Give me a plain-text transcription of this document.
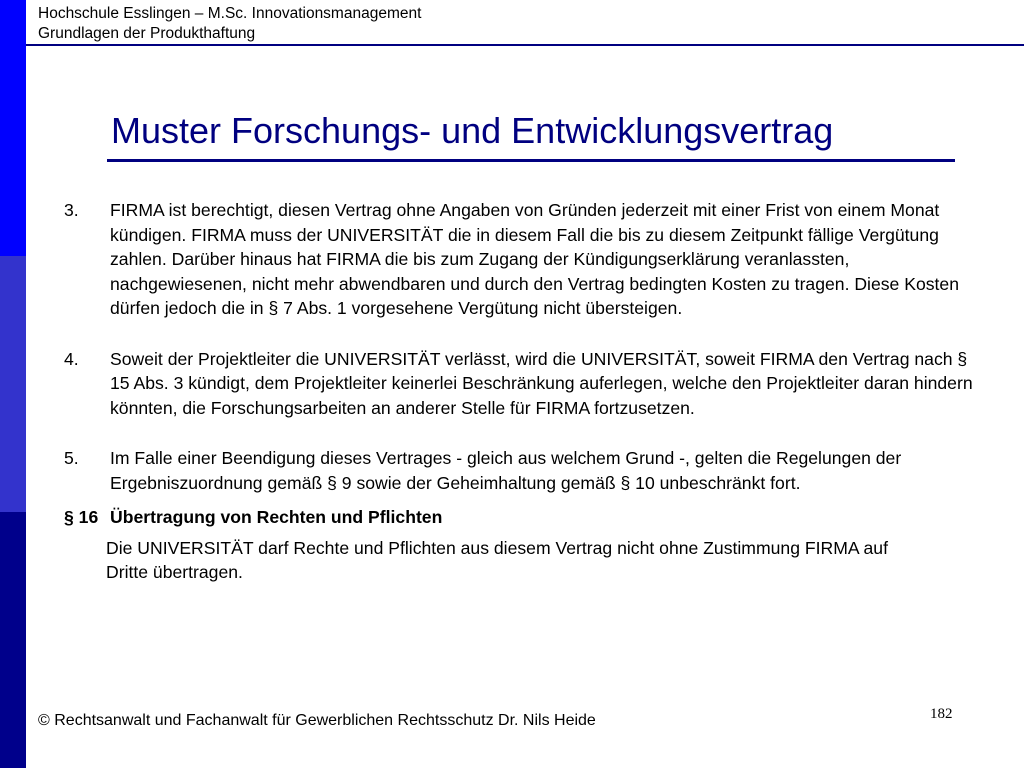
Hochschule Esslingen – M.Sc. Innovationsmanagement
Grundlagen der Produkthaftung
Muster Forschungs- und Entwicklungsvertrag
3.	FIRMA ist berechtigt, diesen Vertrag ohne Angaben von Gründen jederzeit mit einer Frist von einem Monat kündigen. FIRMA muss der UNIVERSITÄT die in diesem Fall die bis zu diesem Zeitpunkt fällige Vergütung zahlen. Darüber hinaus hat FIRMA die bis zum Zugang der Kündigungserklärung veranlassten, nachgewiesenen, nicht mehr abwendbaren und durch den Vertrag bedingten Kosten zu tragen. Diese Kosten dürfen jedoch die in § 7 Abs. 1 vorgesehene Vergütung nicht übersteigen.
4.	Soweit der Projektleiter die UNIVERSITÄT verlässt, wird die UNIVERSITÄT, soweit FIRMA den Vertrag nach § 15 Abs. 3 kündigt, dem Projektleiter keinerlei Beschränkung auferlegen, welche den Projektleiter daran hindern könnten, die Forschungsarbeiten an anderer Stelle für FIRMA fortzusetzen.
5.	Im Falle einer Beendigung dieses Vertrages - gleich aus welchem Grund -, gelten die Regelungen der Ergebniszuordnung gemäß § 9 sowie der Geheimhaltung gemäß § 10 unbeschränkt fort.
§ 16 Übertragung von Rechten und Pflichten
Die UNIVERSITÄT darf Rechte und Pflichten aus diesem Vertrag nicht ohne Zustimmung FIRMA auf Dritte übertragen.
182
© Rechtsanwalt und Fachanwalt für Gewerblichen Rechtsschutz Dr. Nils Heide
